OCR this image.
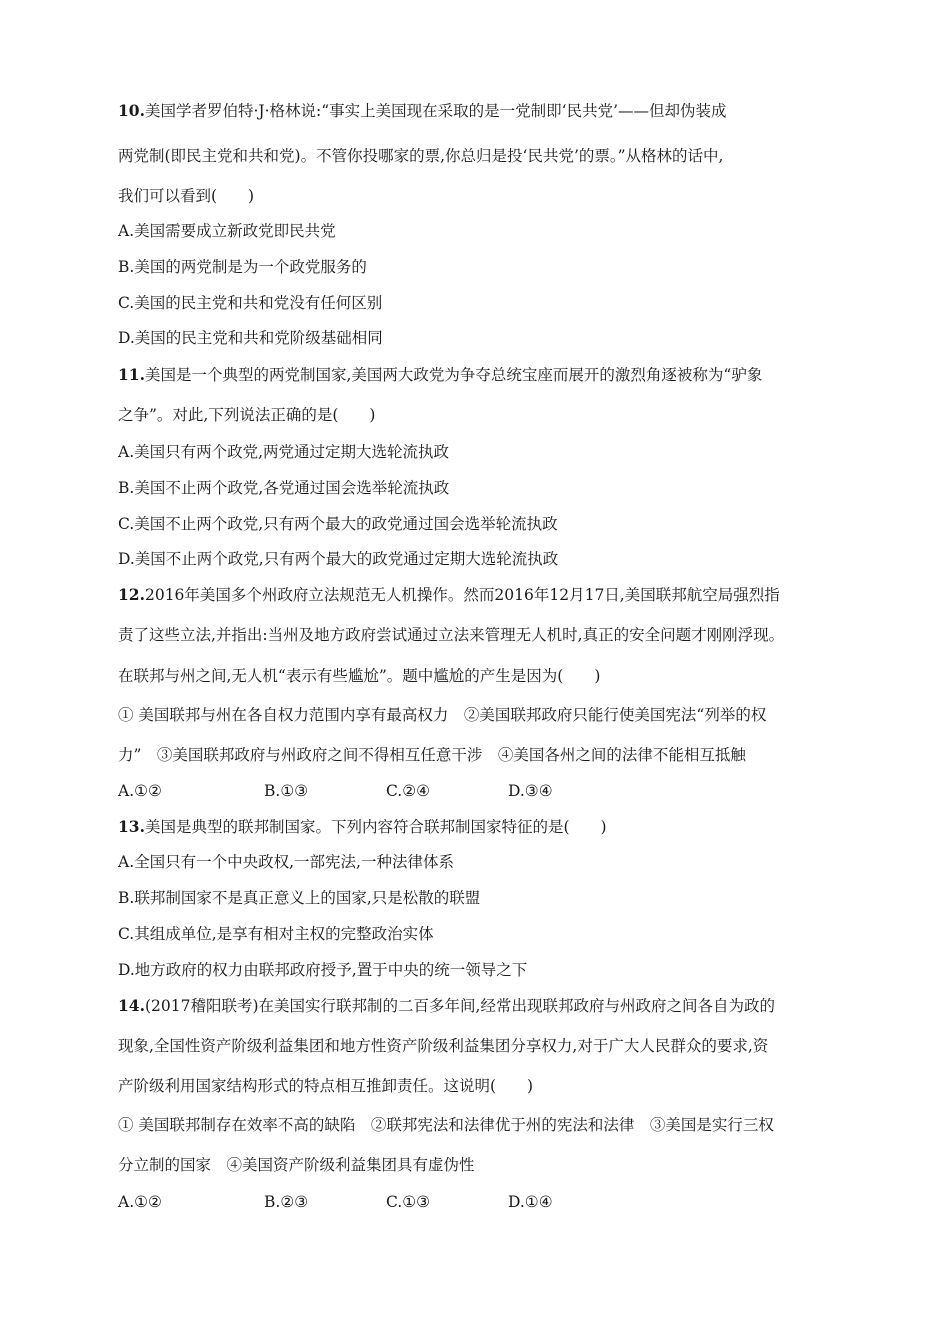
10.美国学者罗伯特·J·格林说:“事实上美国现在采取的是一党制即‘民共党’——但却伪装成
两党制(即民主党和共和党)。不管你投哪家的票,你总归是投‘民共党’的票。”从格林的话中,
我们可以看到(　　)
A.美国需要成立新政党即民共党
B.美国的两党制是为一个政党服务的
C.美国的民主党和共和党没有任何区别
D.美国的民主党和共和党阶级基础相同
11.美国是一个典型的两党制国家,美国两大政党为争夺总统宝座而展开的激烈角逐被称为“驴象
之争”。对此,下列说法正确的是(　　)
A.美国只有两个政党,两党通过定期大选轮流执政
B.美国不止两个政党,各党通过国会选举轮流执政
C.美国不止两个政党,只有两个最大的政党通过国会选举轮流执政
D.美国不止两个政党,只有两个最大的政党通过定期大选轮流执政
12.2016年美国多个州政府立法规范无人机操作。然而2016年12月17日,美国联邦航空局强烈指
责了这些立法,并指出:当州及地方政府尝试通过立法来管理无人机时,真正的安全问题才刚刚浮现。
在联邦与州之间,无人机“表示有些尴尬”。题中尴尬的产生是因为(　　)
① 美国联邦与州在各自权力范围内享有最高权力　②美国联邦政府只能行使美国宪法“列举的权
力”　③美国联邦政府与州政府之间不得相互任意干涉　④美国各州之间的法律不能相互抵触
A.①②	B.①③	C.②④	D.③④
13.美国是典型的联邦制国家。下列内容符合联邦制国家特征的是(　　)
A.全国只有一个中央政权,一部宪法,一种法律体系
B.联邦制国家不是真正意义上的国家,只是松散的联盟
C.其组成单位,是享有相对主权的完整政治实体
D.地方政府的权力由联邦政府授予,置于中央的统一领导之下
14.(2017稽阳联考)在美国实行联邦制的二百多年间,经常出现联邦政府与州政府之间各自为政的
现象,全国性资产阶级利益集团和地方性资产阶级利益集团分享权力,对于广大人民群众的要求,资
产阶级利用国家结构形式的特点相互推卸责任。这说明(　　)
① 美国联邦制存在效率不高的缺陷　②联邦宪法和法律优于州的宪法和法律　③美国是实行三权
分立制的国家　④美国资产阶级利益集团具有虚伪性
A.①②	B.②③	C.①③	D.①④
